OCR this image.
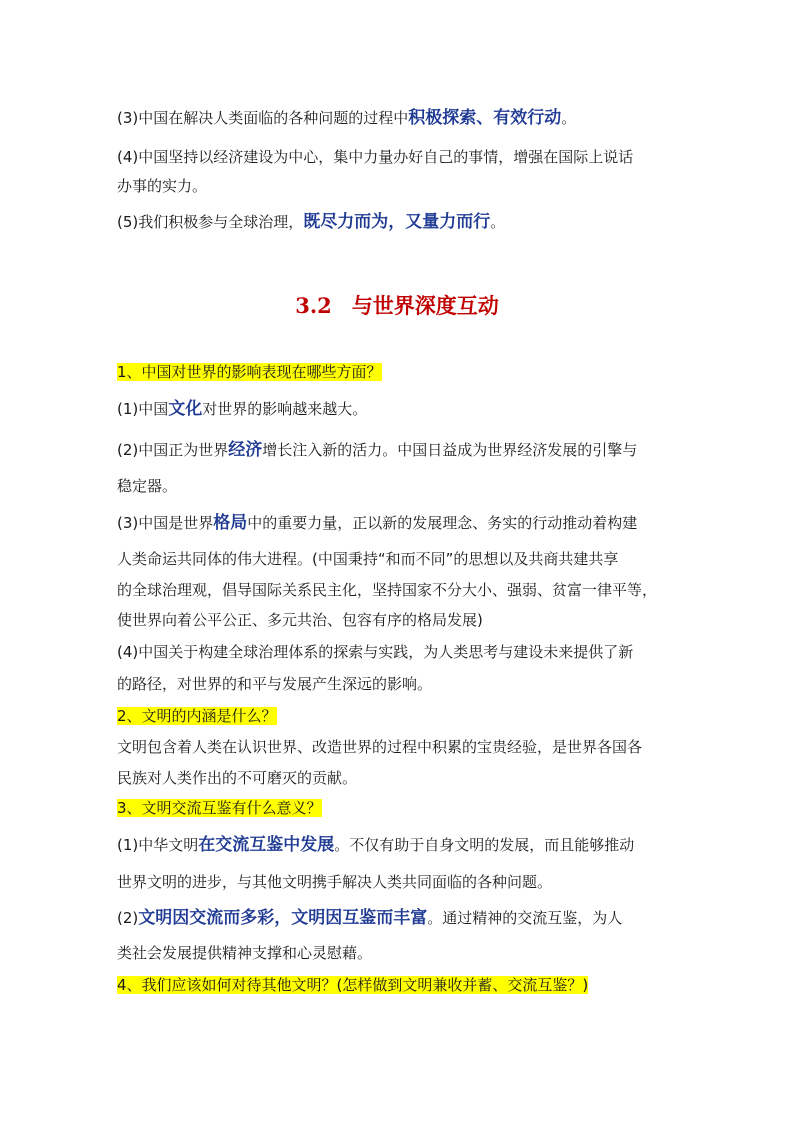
(3)中国在解决人类面临的各种问题的过程中积极探索、有效行动。
(4)中国坚持以经济建设为中心，集中力量办好自己的事情，增强在国际上说话
办事的实力。
(5)我们积极参与全球治理，既尽力而为，又量力而行。
3.2 与世界深度互动
1、中国对世界的影响表现在哪些方面？
(1)中国文化对世界的影响越来越大。
(2)中国正为世界经济增长注入新的活力。中国日益成为世界经济发展的引擎与
稳定器。
(3)中国是世界格局中的重要力量，正以新的发展理念、务实的行动推动着构建
人类命运共同体的伟大进程。(中国秉持“和而不同”的思想以及共商共建共享
的全球治理观，倡导国际关系民主化，坚持国家不分大小、强弱、贫富一律平等，
使世界向着公平公正、多元共治、包容有序的格局发展)
(4)中国关于构建全球治理体系的探索与实践，为人类思考与建设未来提供了新
的路径，对世界的和平与发展产生深远的影响。
2、文明的内涵是什么？
文明包含着人类在认识世界、改造世界的过程中积累的宝贵经验，是世界各国各
民族对人类作出的不可磨灭的贡献。
3、文明交流互鉴有什么意义？
(1)中华文明在交流互鉴中发展。不仅有助于自身文明的发展，而且能够推动
世界文明的进步，与其他文明携手解决人类共同面临的各种问题。
(2)文明因交流而多彩，文明因互鉴而丰富。通过精神的交流互鉴，为人
类社会发展提供精神支撑和心灵慰藉。
4、我们应该如何对待其他文明？(怎样做到文明兼收并蓄、交流互鉴？)
